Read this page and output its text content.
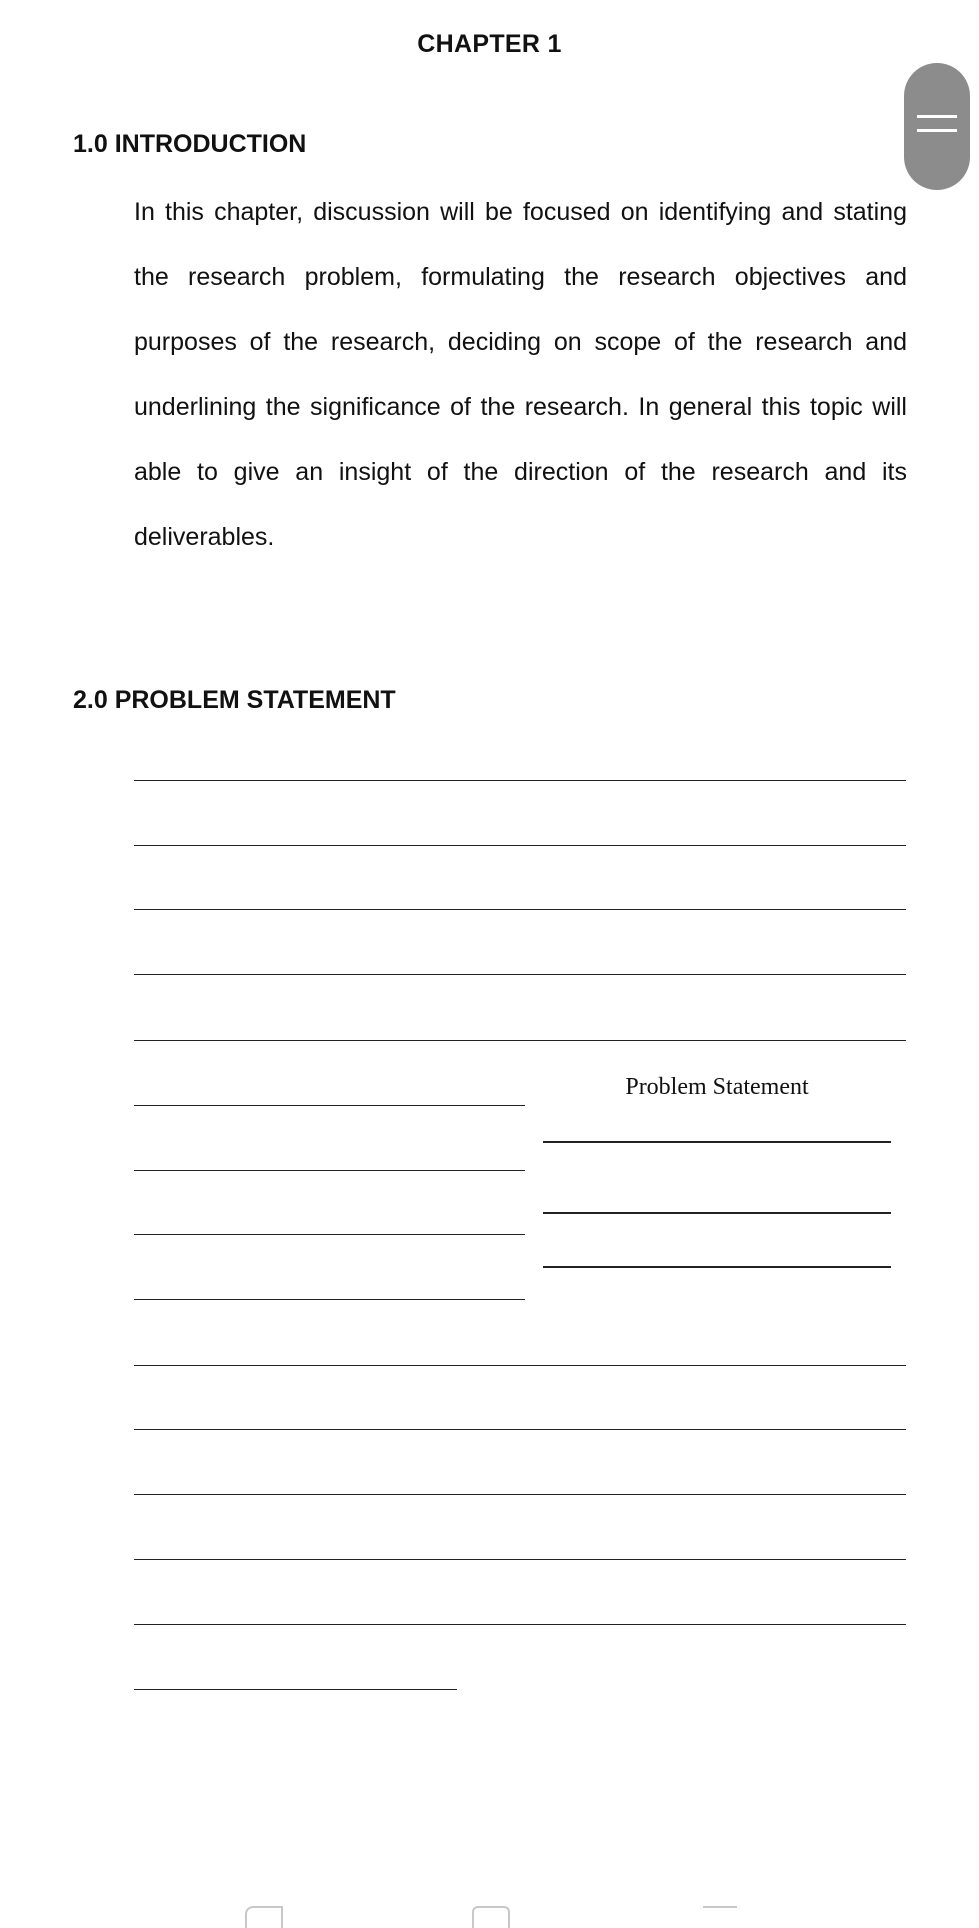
CHAPTER 1
1.0 INTRODUCTION

In this chapter, discussion will be focused on identifying and stating the research problem, formulating the research objectives and purposes of the research, deciding on scope of the research and underlining the significance of the research. In general this topic will able to give an insight of the direction of the research and its deliverables.

2.0 PROBLEM STATEMENT
Problem Statement
